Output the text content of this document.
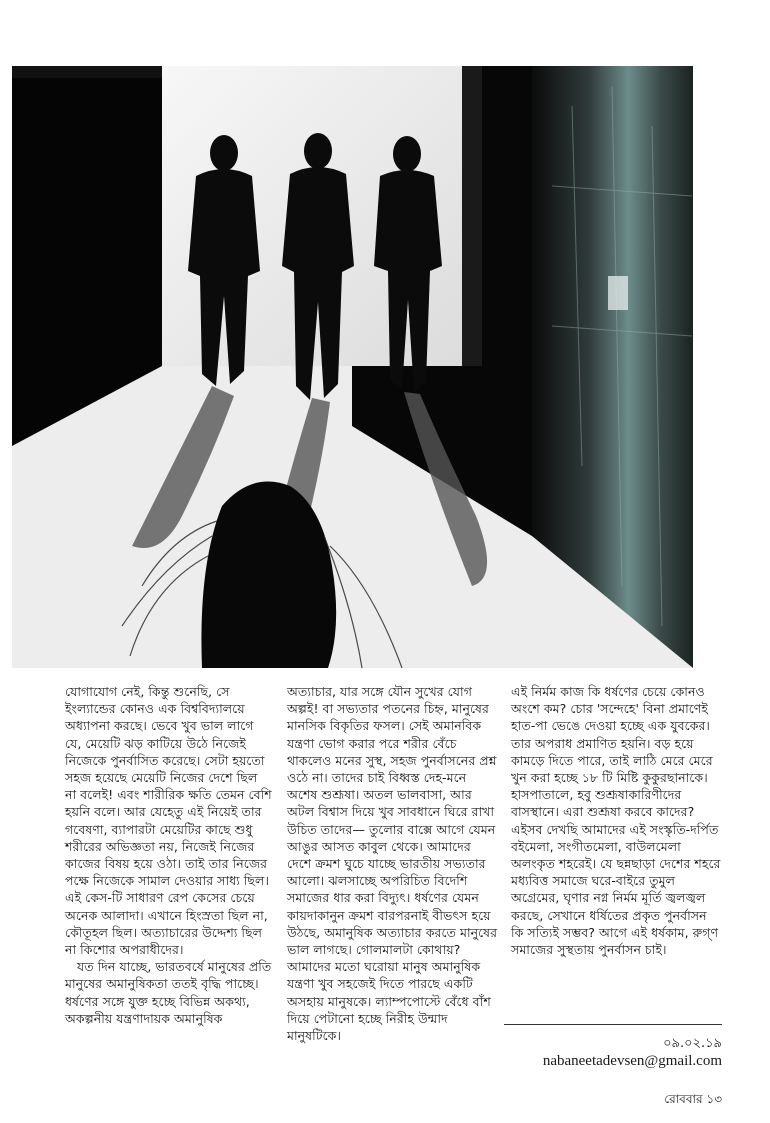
যোগাযোগ নেই, কিন্তু শুনেছি, সে ইংল্যান্ডের কোনও এক বিশ্ববিদ্যালয়ে অধ্যাপনা করছে। ভেবে খুব ভাল লাগে যে, মেয়েটি ঝড় কাটিয়ে উঠে নিজেই নিজেকে পুনর্বাসিত করেছে। সেটা হয়তো সহজ হয়েছে মেয়েটি নিজের দেশে ছিল না বলেই! এবং শারীরিক ক্ষতি তেমন বেশি হয়নি বলে। আর যেহেতু এই নিয়েই তার গবেষণা, ব্যাপারটা মেয়েটির কাছে শুধু শরীরের অভিজ্ঞতা নয়, নিজেই নিজের কাজের বিষয় হয়ে ওঠা। তাই তার নিজের পক্ষে নিজেকে সামাল দেওয়ার সাধ্য ছিল। এই কেস-টি সাধারণ রেপ কেসের চেয়ে অনেক আলাদা। এখানে হিংস্রতা ছিল না, কৌতূহল ছিল। অত্যাচারের উদ্দেশ্য ছিল না কিশোর অপরাধীদের।

যত দিন যাচ্ছে, ভারতবর্ষে মানুষের প্রতি মানুষের অমানুষিকতা ততই বৃদ্ধি পাচ্ছে। ধর্ষণের সঙ্গে যুক্ত হচ্ছে বিভিন্ন অকথ্য, অকল্পনীয় যন্ত্রণাদায়ক অমানুষিক

অত্যাচার, যার সঙ্গে যৌন সুখের যোগ অল্পই! বা সভ্যতার পতনের চিহ্ন, মানুষের মানসিক বিকৃতির ফসল। সেই অমানবিক যন্ত্রণা ভোগ করার পরে শরীর বেঁচে থাকলেও মনের সুস্থ, সহজ পুনর্বাসনের প্রশ্ন ওঠে না। তাদের চাই বিধ্বস্ত দেহ-মনে অশেষ শুশ্রূষা। অতল ভালবাসা, আর অটল বিশ্বাস দিয়ে খুব সাবধানে ঘিরে রাখা উচিত তাদের— তুলোর বাক্সে আগে যেমন আঙুর আসত কাবুল থেকে। আমাদের দেশে ক্রমশ ঘুচে যাচ্ছে ভারতীয় সভ্যতার আলো। ঝলসাচ্ছে অপরিচিত বিদেশি সমাজের ধার করা বিদ্যুৎ। ধর্ষণের যেমন কায়দাকানুন ক্রমশ বারপরনাই বীভৎস হয়ে উঠছে, অমানুষিক অত্যাচার করতে মানুষের ভাল লাগছে। গোলমালটা কোথায়? আমাদের মতো ঘরোয়া মানুষ অমানুষিক যন্ত্রণা খুব সহজেই দিতে পারছে একটি অসহায় মানুষকে। ল্যাম্পপোস্টে বেঁধে বাঁশ দিয়ে পেটানো হচ্ছে নিরীহ উন্মাদ মানুষটিকে।

এই নির্মম কাজ কি ধর্ষণের চেয়ে কোনও অংশে কম? চোর 'সন্দেহে' বিনা প্রমাণেই হাত-পা ভেঙে দেওয়া হচ্ছে এক যুবকের। তার অপরাধ প্রমাণিত হয়নি। বড় হয়ে কামড়ে দিতে পারে, তাই লাঠি মেরে মেরে খুন করা হচ্ছে ১৮ টি মিষ্টি কুকুরছানাকে। হাসপাতালে, হবু শুশ্রূষাকারিণীদের বাসস্থানে। এরা শুশ্রূষা করবে কাদের? এইসব দেখছি আমাদের এই সংস্কৃতি-দর্পিত বইমেলা, সংগীতমেলা, বাউলমেলা অলংকৃত শহরেই। যে ছন্নছাড়া দেশের শহরে মধ্যবিত্ত সমাজে ঘরে-বাইরে তুমুল অগ্রেমের, ঘৃণার নগ্ন নির্মম মূর্তি জ্বলজ্বল করছে, সেখানে ধর্ষিতের প্রকৃত পুনর্বাসন কি সত্যিই সম্ভব? আগে এই ধর্ষকাম, রুগ্ণ সমাজের সুস্থতায় পুনর্বাসন চাই।

০৯.০২.১৯
nabaneetadevsen@gmail.com
রোববার ১৩
